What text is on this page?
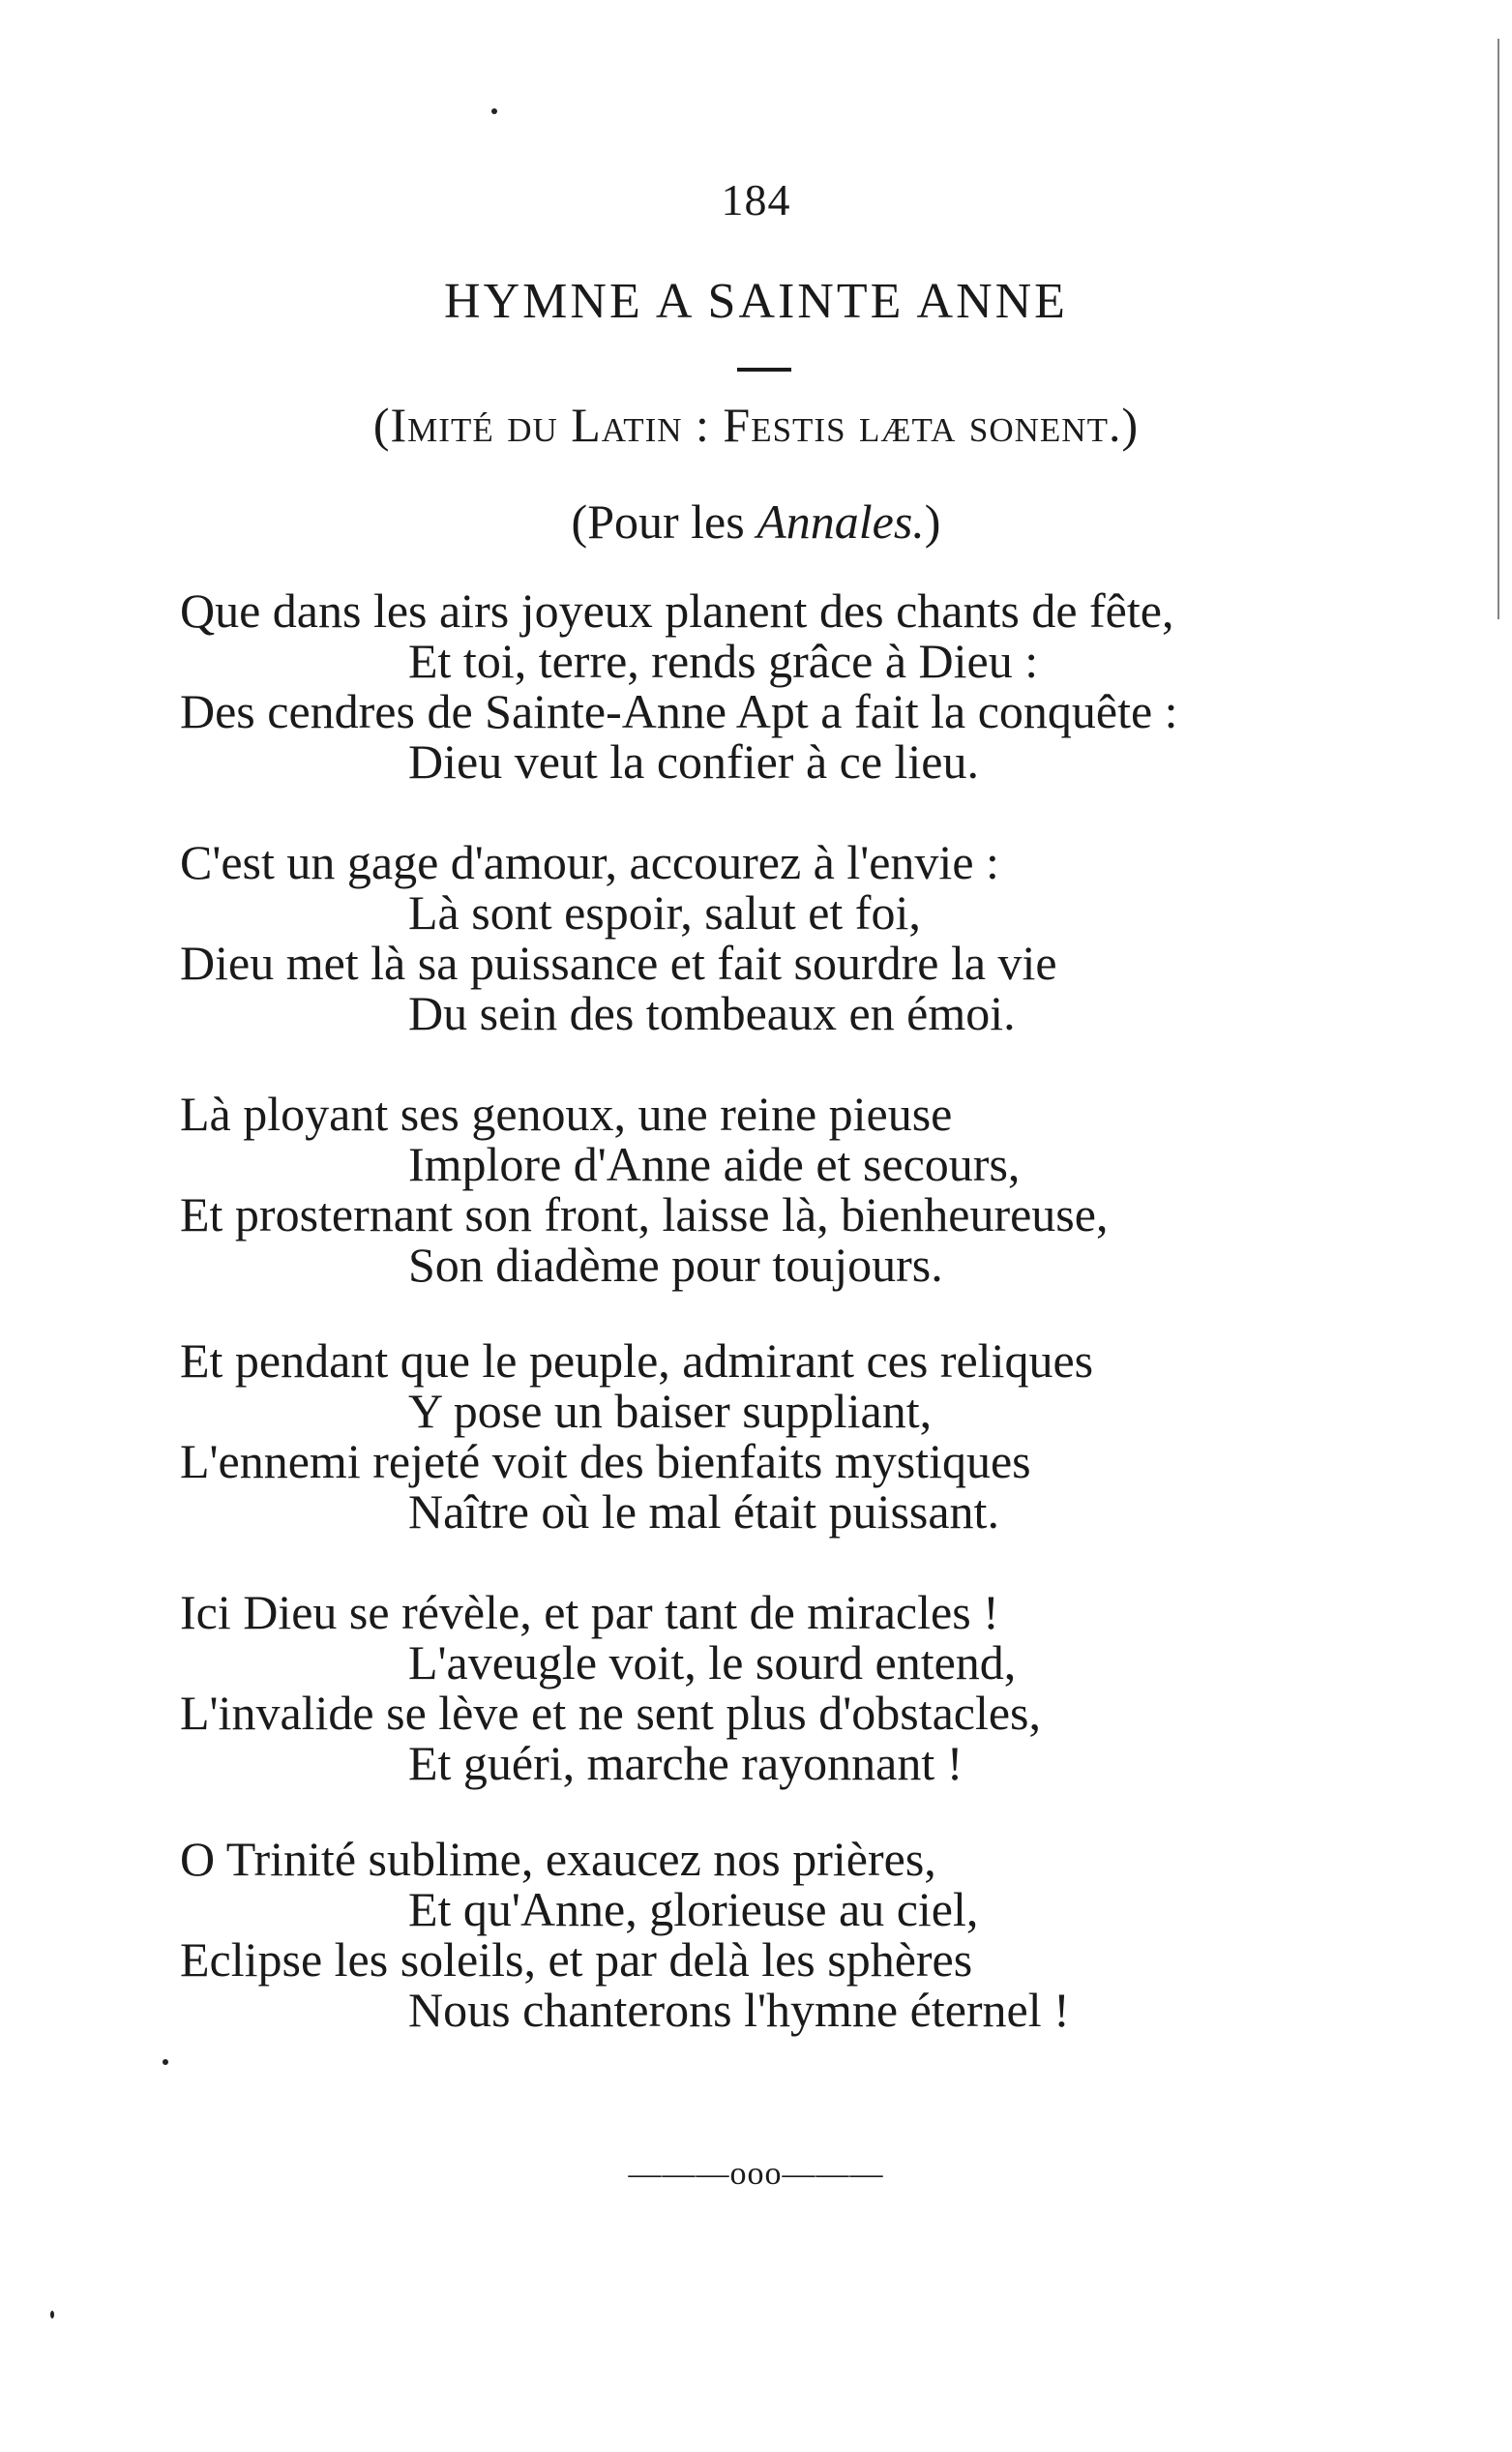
184
HYMNE A SAINTE ANNE
(Imité du Latin : Festis læta sonent.)
(Pour les Annales.)
Que dans les airs joyeux planent des chants de fête,
Et toi, terre, rends grâce à Dieu :
Des cendres de Sainte-Anne Apt a fait la conquête :
Dieu veut la confier à ce lieu.
C'est un gage d'amour, accourez à l'envie :
Là sont espoir, salut et foi,
Dieu met là sa puissance et fait sourdre la vie
Du sein des tombeaux en émoi.
Là ployant ses genoux, une reine pieuse
Implore d'Anne aide et secours,
Et prosternant son front, laisse là, bienheureuse,
Son diadème pour toujours.
Et pendant que le peuple, admirant ces reliques
Y pose un baiser suppliant,
L'ennemi rejeté voit des bienfaits mystiques
Naître où le mal était puissant.
Ici Dieu se révèle, et par tant de miracles !
L'aveugle voit, le sourd entend,
L'invalide se lève et ne sent plus d'obstacles,
Et guéri, marche rayonnant !
O Trinité sublime, exaucez nos prières,
Et qu'Anne, glorieuse au ciel,
Eclipse les soleils, et par delà les sphères
Nous chanterons l'hymne éternel !
———ooo———
